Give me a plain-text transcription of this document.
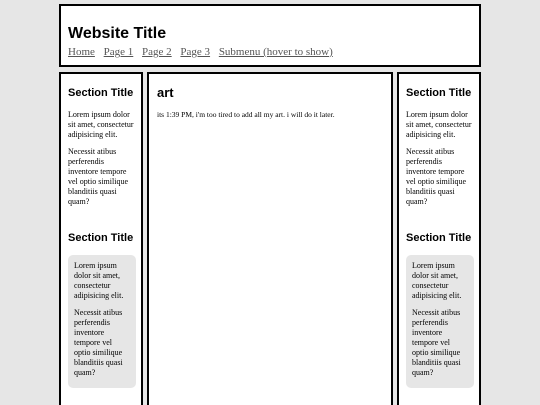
Website Title
Home Page 1 Page 2 Page 3 Submenu (hover to show)
Section Title

Lorem ipsum dolor sit amet, consectetur adipisicing elit.

Necessit atibus perferendis inventore tempore vel optio similique blanditiis quasi quam?

Section Title

Lorem ipsum dolor sit amet, consectetur adipisicing elit.

Necessit atibus perferendis inventore tempore vel optio similique blanditiis quasi quam?

art

its 1:39 PM, i'm too tired to add all my art. i will do it later.

Section Title

Lorem ipsum dolor sit amet, consectetur adipisicing elit.

Necessit atibus perferendis inventore tempore vel optio similique blanditiis quasi quam?

Section Title

Lorem ipsum dolor sit amet, consectetur adipisicing elit.

Necessit atibus perferendis inventore tempore vel optio similique blanditiis quasi quam?
